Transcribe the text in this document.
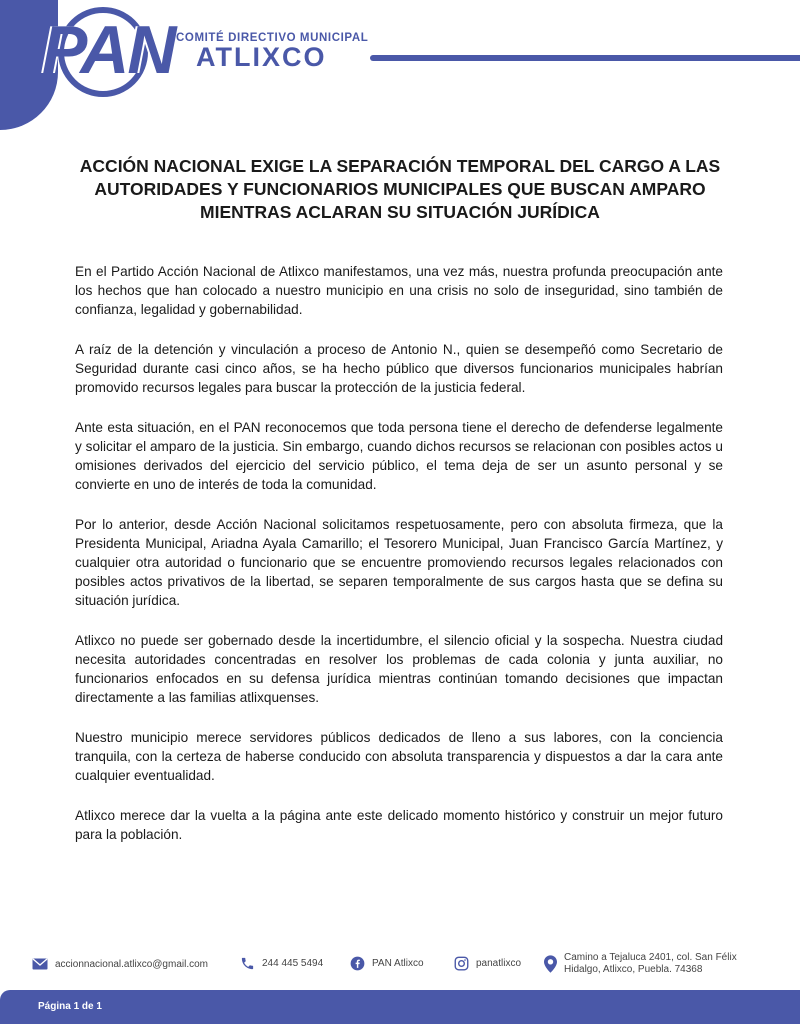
PAN COMITÉ DIRECTIVO MUNICIPAL
ATLIXCO
ACCIÓN NACIONAL EXIGE LA SEPARACIÓN TEMPORAL DEL CARGO A LAS AUTORIDADES Y FUNCIONARIOS MUNICIPALES QUE BUSCAN AMPARO MIENTRAS ACLARAN SU SITUACIÓN JURÍDICA

En el Partido Acción Nacional de Atlixco manifestamos, una vez más, nuestra profunda preocupación ante los hechos que han colocado a nuestro municipio en una crisis no solo de inseguridad, sino también de confianza, legalidad y gobernabilidad.

A raíz de la detención y vinculación a proceso de Antonio N., quien se desempeñó como Secretario de Seguridad durante casi cinco años, se ha hecho público que diversos funcionarios municipales habrían promovido recursos legales para buscar la protección de la justicia federal.

Ante esta situación, en el PAN reconocemos que toda persona tiene el derecho de defenderse legalmente y solicitar el amparo de la justicia. Sin embargo, cuando dichos recursos se relacionan con posibles actos u omisiones derivados del ejercicio del servicio público, el tema deja de ser un asunto personal y se convierte en uno de interés de toda la comunidad.

Por lo anterior, desde Acción Nacional solicitamos respetuosamente, pero con absoluta firmeza, que la Presidenta Municipal, Ariadna Ayala Camarillo; el Tesorero Municipal, Juan Francisco García Martínez, y cualquier otra autoridad o funcionario que se encuentre promoviendo recursos legales relacionados con posibles actos privativos de la libertad, se separen temporalmente de sus cargos hasta que se defina su situación jurídica.

Atlixco no puede ser gobernado desde la incertidumbre, el silencio oficial y la sospecha. Nuestra ciudad necesita autoridades concentradas en resolver los problemas de cada colonia y junta auxiliar, no funcionarios enfocados en su defensa jurídica mientras continúan tomando decisiones que impactan directamente a las familias atlixquenses.

Nuestro municipio merece servidores públicos dedicados de lleno a sus labores, con la conciencia tranquila, con la certeza de haberse conducido con absoluta transparencia y dispuestos a dar la cara ante cualquier eventualidad.

Atlixco merece dar la vuelta a la página ante este delicado momento histórico y construir un mejor futuro para la población.

accionnacional.atlixco@gmail.com	244 445 5494	PAN Atlixco	panatlixco
Camino a Tejaluca 2401, col. San Félix
Hidalgo, Atlixco, Puebla. 74368
Página 1 de 1
